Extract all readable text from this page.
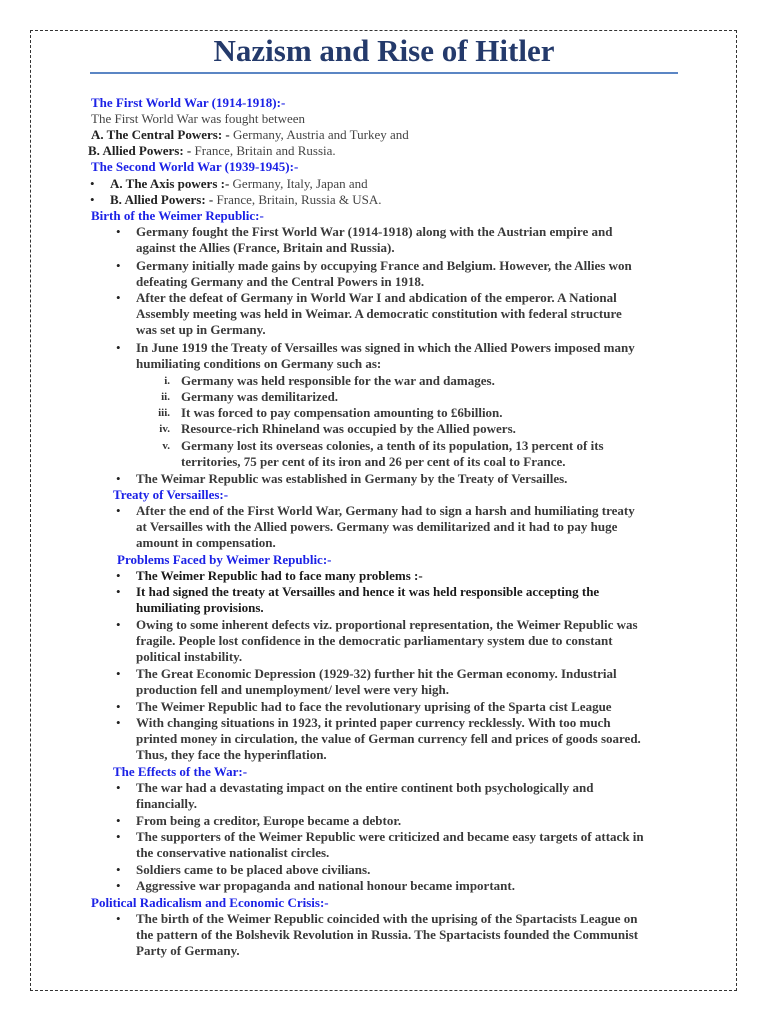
Nazism and Rise of Hitler
The First World War (1914-1918):-
The First World War was fought between
A. The Central Powers: - Germany, Austria and Turkey and
B. Allied Powers: - France, Britain and Russia.
The Second World War (1939-1945):-
• A. The Axis powers :- Germany, Italy, Japan and
• B. Allied Powers: - France, Britain, Russia & USA.
Birth of the Weimer Republic:-
• Germany fought the First World War (1914-1918) along with the Austrian empire and
against the Allies (France, Britain and Russia).
• Germany initially made gains by occupying France and Belgium. However, the Allies won
defeating Germany and the Central Powers in 1918.
• After the defeat of Germany in World War I and abdication of the emperor. A National
Assembly meeting was held in Weimar. A democratic constitution with federal structure
was set up in Germany.
• In June 1919 the Treaty of Versailles was signed in which the Allied Powers imposed many
humiliating conditions on Germany such as:
i. Germany was held responsible for the war and damages.
ii. Germany was demilitarized.
iii. It was forced to pay compensation amounting to £6billion.
iv. Resource-rich Rhineland was occupied by the Allied powers.
v. Germany lost its overseas colonies, a tenth of its population, 13 percent of its
territories, 75 per cent of its iron and 26 per cent of its coal to France.
• The Weimar Republic was established in Germany by the Treaty of Versailles.
Treaty of Versailles:-
• After the end of the First World War, Germany had to sign a harsh and humiliating treaty
at Versailles with the Allied powers. Germany was demilitarized and it had to pay huge
amount in compensation.
Problems Faced by Weimer Republic:-
• The Weimer Republic had to face many problems :-
• It had signed the treaty at Versailles and hence it was held responsible accepting the
humiliating provisions.
• Owing to some inherent defects viz. proportional representation, the Weimer Republic was
fragile. People lost confidence in the democratic parliamentary system due to constant
political instability.
• The Great Economic Depression (1929-32) further hit the German economy. Industrial
production fell and unemployment/ level were very high.
• The Weimer Republic had to face the revolutionary uprising of the Sparta cist League
• With changing situations in 1923, it printed paper currency recklessly. With too much
printed money in circulation, the value of German currency fell and prices of goods soared.
Thus, they face the hyperinflation.
The Effects of the War:-
• The war had a devastating impact on the entire continent both psychologically and
financially.
• From being a creditor, Europe became a debtor.
• The supporters of the Weimer Republic were criticized and became easy targets of attack in
the conservative nationalist circles.
• Soldiers came to be placed above civilians.
• Aggressive war propaganda and national honour became important.
Political Radicalism and Economic Crisis:-
• The birth of the Weimer Republic coincided with the uprising of the Spartacists League on
the pattern of the Bolshevik Revolution in Russia. The Spartacists founded the Communist
Party of Germany.
